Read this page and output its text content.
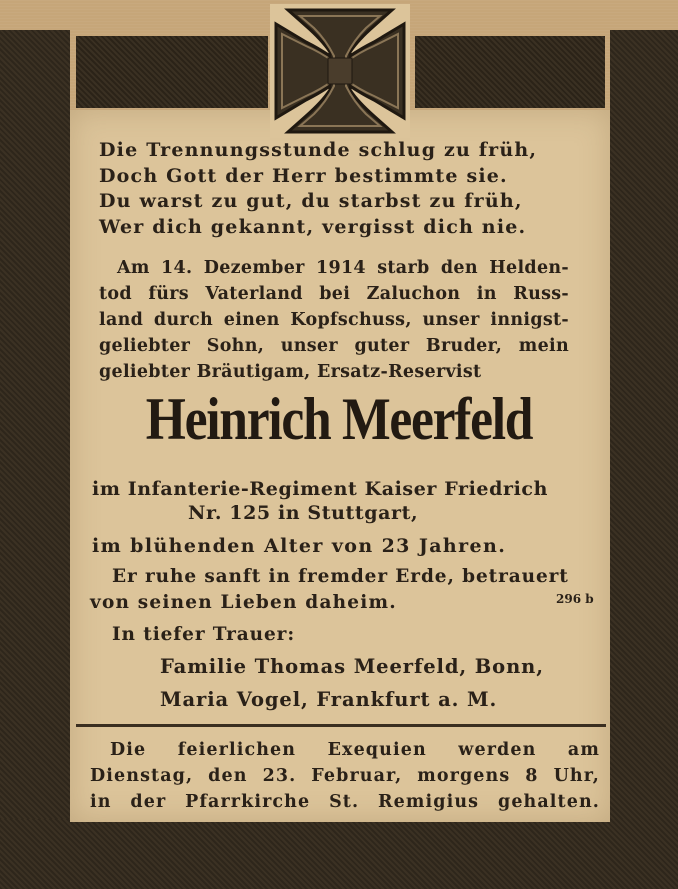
Die Trennungsstunde schlug zu früh,
Doch Gott der Herr bestimmte sie.
Du warst zu gut, du starbst zu früh,
Wer dich gekannt, vergisst dich nie.
Am 14. Dezember 1914 starb den Helden-
tod fürs Vaterland bei Zaluchon in Russ-
land durch einen Kopfschuss, unser innigst-
geliebter Sohn, unser guter Bruder, mein
geliebter Bräutigam, Ersatz-Reservist
Heinrich Meerfeld
im Infanterie-Regiment Kaiser Friedrich
Nr. 125 in Stuttgart,
im blühenden Alter von 23 Jahren.
Er ruhe sanft in fremder Erde, betrauert
von seinen Lieben daheim.	296 b
In tiefer Trauer:
Familie Thomas Meerfeld, Bonn,
Maria Vogel, Frankfurt a. M.
Die feierlichen Exequien werden am
Dienstag, den 23. Februar, morgens 8 Uhr,
in der Pfarrkirche St. Remigius gehalten.
